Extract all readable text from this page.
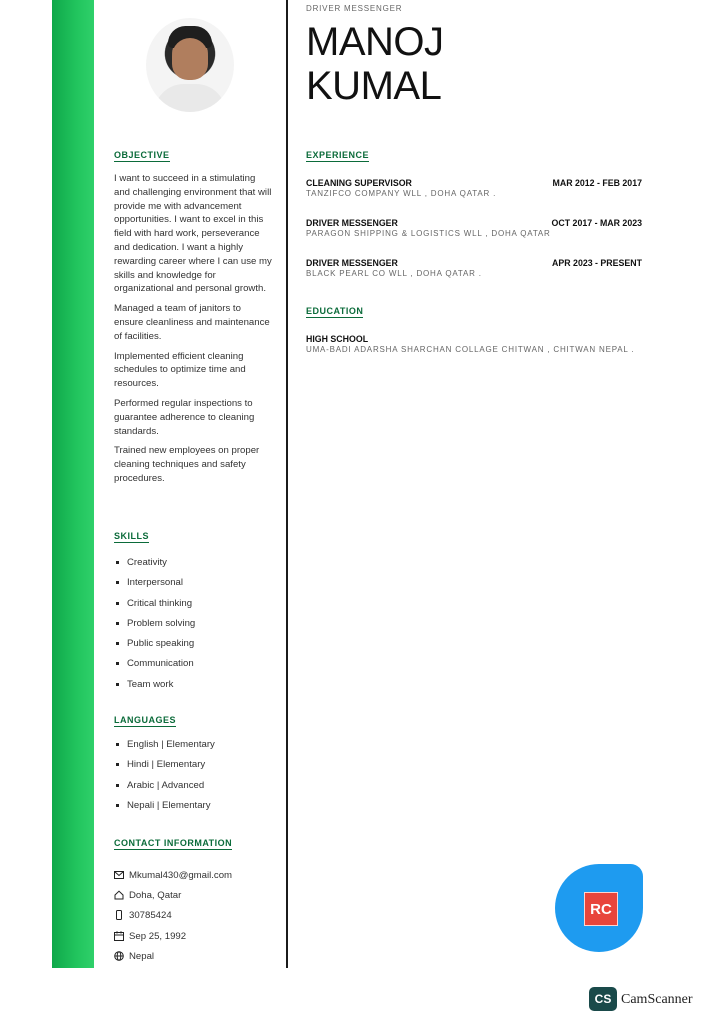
OBJECTIVE

I want to succeed in a stimulating and challenging environment that will provide me with advancement opportunities. I want to excel in this field with hard work, perseverance and dedication. I want a highly rewarding career where I can use my skills and knowledge for organizational and personal growth.

Managed a team of janitors to ensure cleanliness and maintenance of facilities.

Implemented efficient cleaning schedules to optimize time and resources.

Performed regular inspections to guarantee adherence to cleaning standards.

Trained new employees on proper cleaning techniques and safety procedures.

SKILLS
Creativity
Interpersonal
Critical thinking
Problem solving
Public speaking
Communication
Team work
LANGUAGES
English | Elementary
Hindi | Elementary
Arabic | Advanced
Nepali | Elementary
CONTACT INFORMATION
Mkumal430@gmail.com
Doha, Qatar
30785424
Sep 25, 1992
Nepal
DRIVER MESSENGER
MANOJ
KUMAL
EXPERIENCE
CLEANING SUPERVISOR	MAR 2012 - FEB 2017
TANZIFCO COMPANY WLL , DOHA QATAR .
DRIVER MESSENGER	OCT 2017 - MAR 2023
PARAGON SHIPPING & LOGISTICS WLL , DOHA QATAR
DRIVER MESSENGER	APR 2023 - PRESENT
BLACK PEARL CO WLL , DOHA QATAR .
EDUCATION
HIGH SCHOOL
UMA-BADI ADARSHA SHARCHAN COLLAGE CHITWAN , CHITWAN NEPAL .
RC
CS CamScanner
